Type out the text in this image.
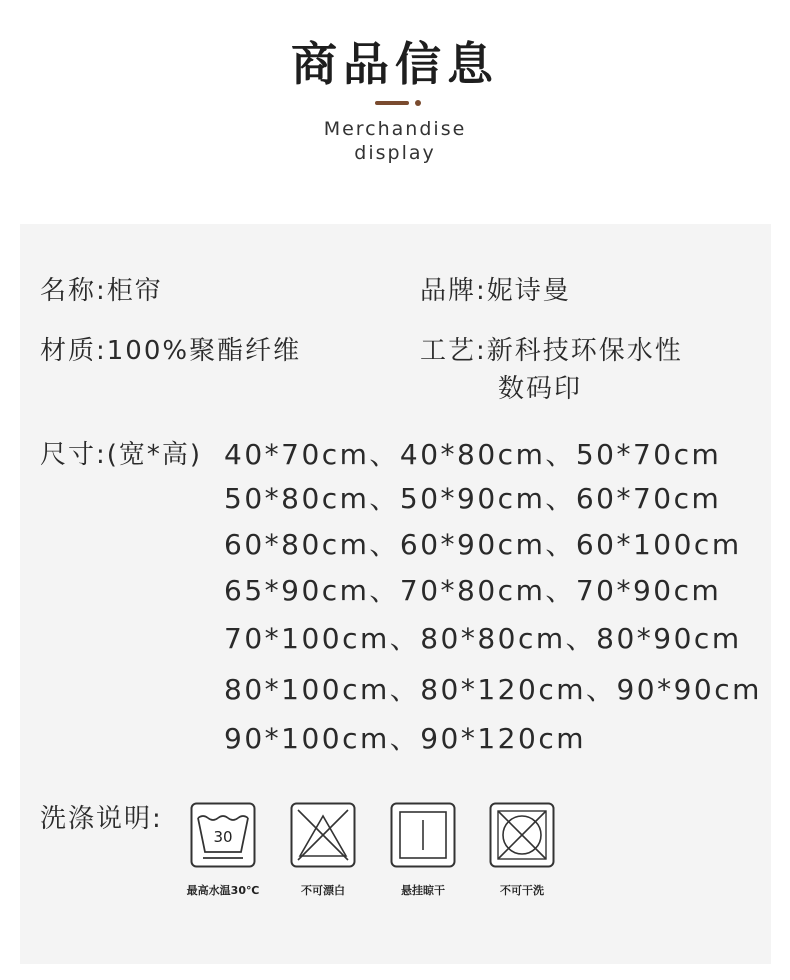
商品信息
Merchandise
display
名称:柜帘	品牌:妮诗曼
材质:100%聚酯纤维	工艺:新科技环保水性
数码印
尺寸:(宽*高) 40*70cm、40*80cm、50*70cm
50*80cm、50*90cm、60*70cm
60*80cm、60*90cm、60*100cm
65*90cm、70*80cm、70*90cm
70*100cm、80*80cm、80*90cm
80*100cm、80*120cm、90*90cm
90*100cm、90*120cm
洗涤说明:
30
最高水温30℃	不可漂白	悬挂晾干	不可干洗
